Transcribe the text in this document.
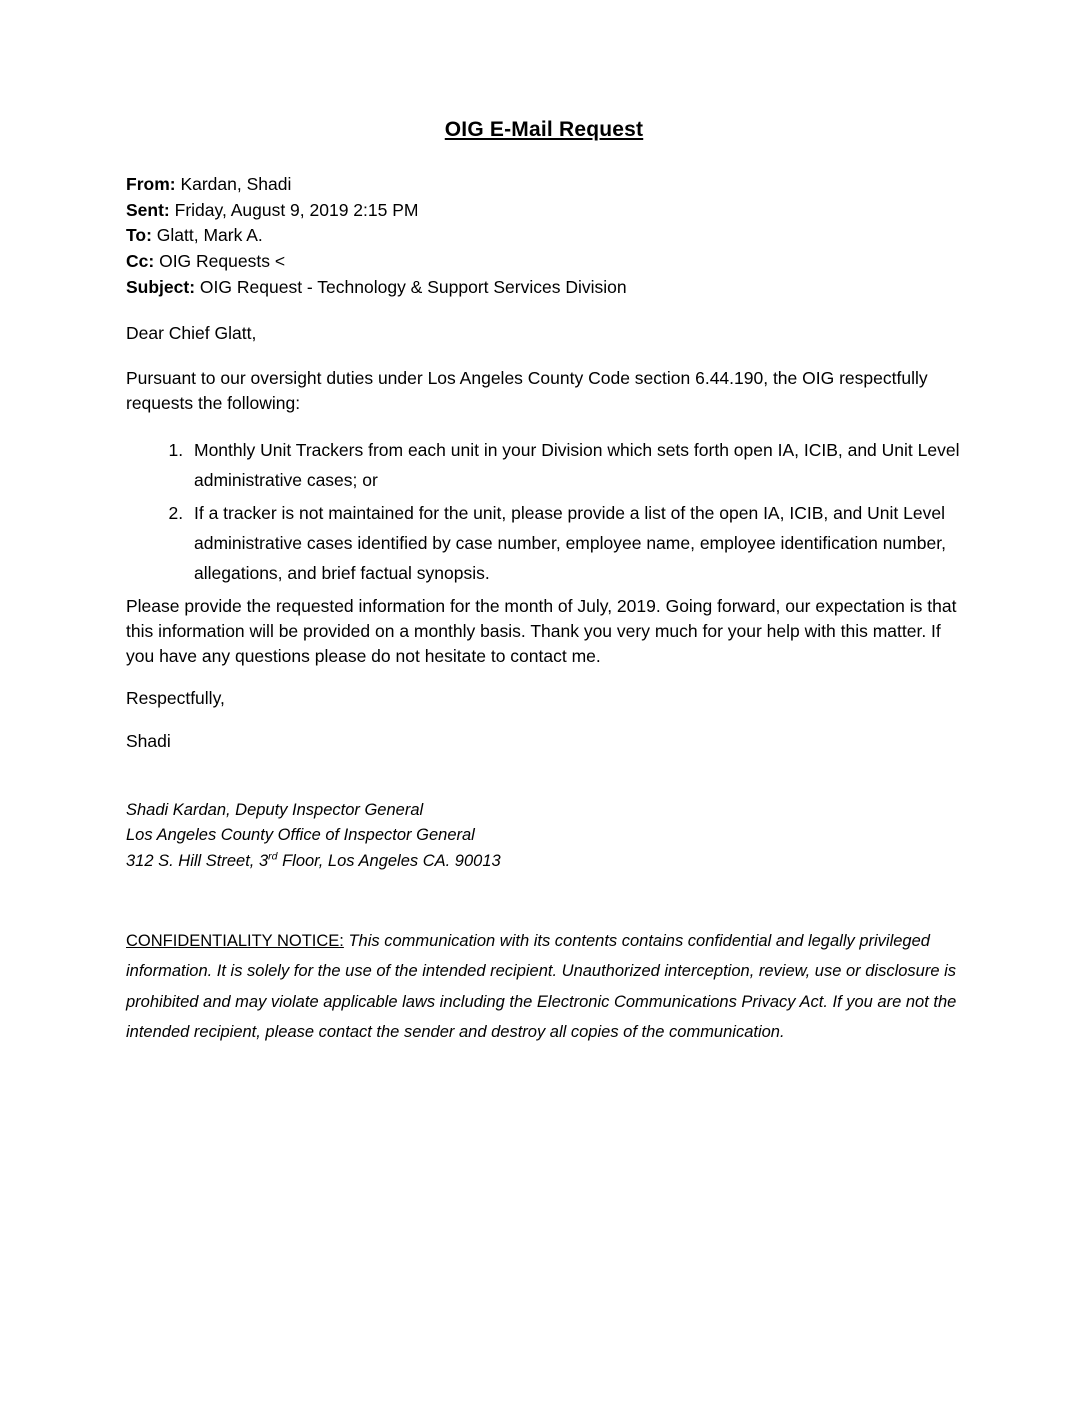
OIG E-Mail Request
From: Kardan, Shadi
Sent: Friday, August 9, 2019 2:15 PM
To: Glatt, Mark A.
Cc: OIG Requests <
Subject: OIG Request - Technology & Support Services Division
Dear Chief Glatt,
Pursuant to our oversight duties under Los Angeles County Code section 6.44.190, the OIG respectfully requests the following:
1. Monthly Unit Trackers from each unit in your Division which sets forth open IA, ICIB, and Unit Level administrative cases; or
2. If a tracker is not maintained for the unit, please provide a list of the open IA, ICIB, and Unit Level administrative cases identified by case number, employee name, employee identification number, allegations, and brief factual synopsis.
Please provide the requested information for the month of July, 2019. Going forward, our expectation is that this information will be provided on a monthly basis. Thank you very much for your help with this matter. If you have any questions please do not hesitate to contact me.
Respectfully,
Shadi
Shadi Kardan, Deputy Inspector General
Los Angeles County Office of Inspector General
312 S. Hill Street, 3rd Floor, Los Angeles CA. 90013
CONFIDENTIALITY NOTICE: This communication with its contents contains confidential and legally privileged information. It is solely for the use of the intended recipient. Unauthorized interception, review, use or disclosure is prohibited and may violate applicable laws including the Electronic Communications Privacy Act. If you are not the intended recipient, please contact the sender and destroy all copies of the communication.
